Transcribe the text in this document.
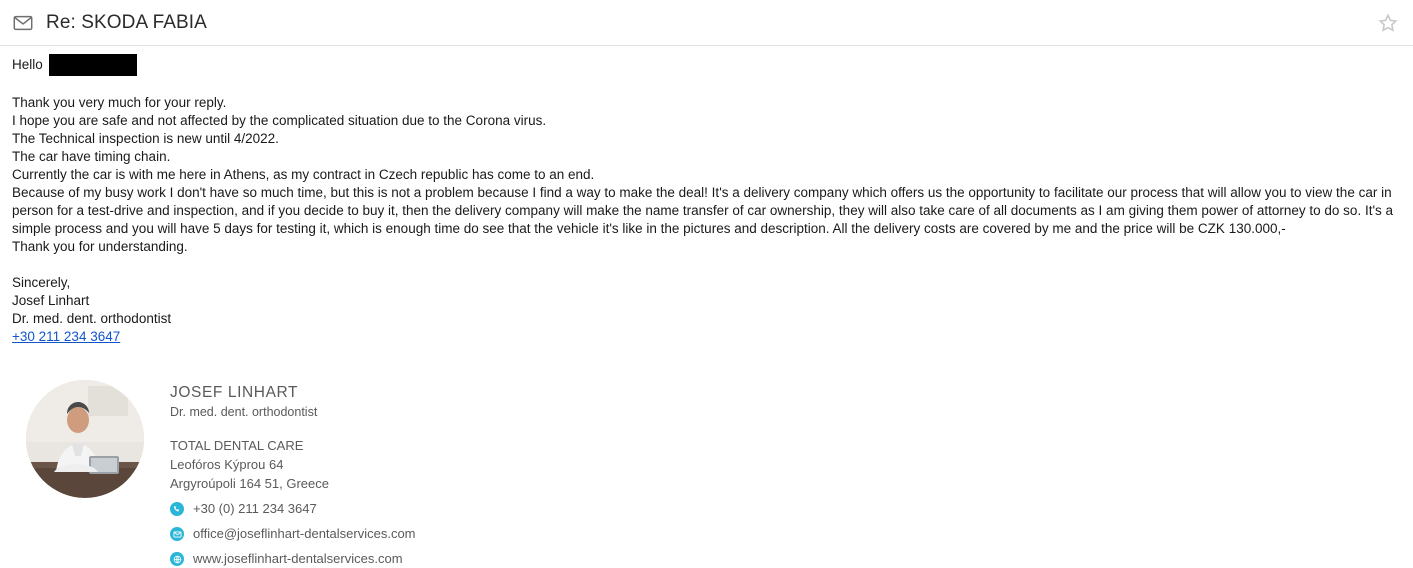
Re: SKODA FABIA
Hello

Thank you very much for your reply.

I hope you are safe and not affected by the complicated situation due to the Corona virus.

The Technical inspection is new until 4/2022.

The car have timing chain.

Currently the car is with me here in Athens, as my contract in Czech republic has come to an end.

Because of my busy work I don't have so much time, but this is not a problem because I find a way to make the deal! It's a delivery company which offers us the opportunity to facilitate our process that will allow you to view the car in person for a test-drive and inspection, and if you decide to buy it, then the delivery company will make the name transfer of car ownership, they will also take care of all documents as I am giving them power of attorney to do so. It's a simple process and you will have 5 days for testing it, which is enough time do see that the vehicle it's like in the pictures and description. All the delivery costs are covered by me and the price will be CZK 130.000,-

Thank you for understanding.

Sincerely,

Josef Linhart

Dr. med. dent. orthodontist

+30 211 234 3647

JOSEF LINHART
Dr. med. dent. orthodontist
TOTAL DENTAL CARE
Leofóros Kýprou 64
Argyroúpoli 164 51, Greece
+30 (0) 211 234 3647
office@joseflinhart-dentalservices.com
www.joseflinhart-dentalservices.com
